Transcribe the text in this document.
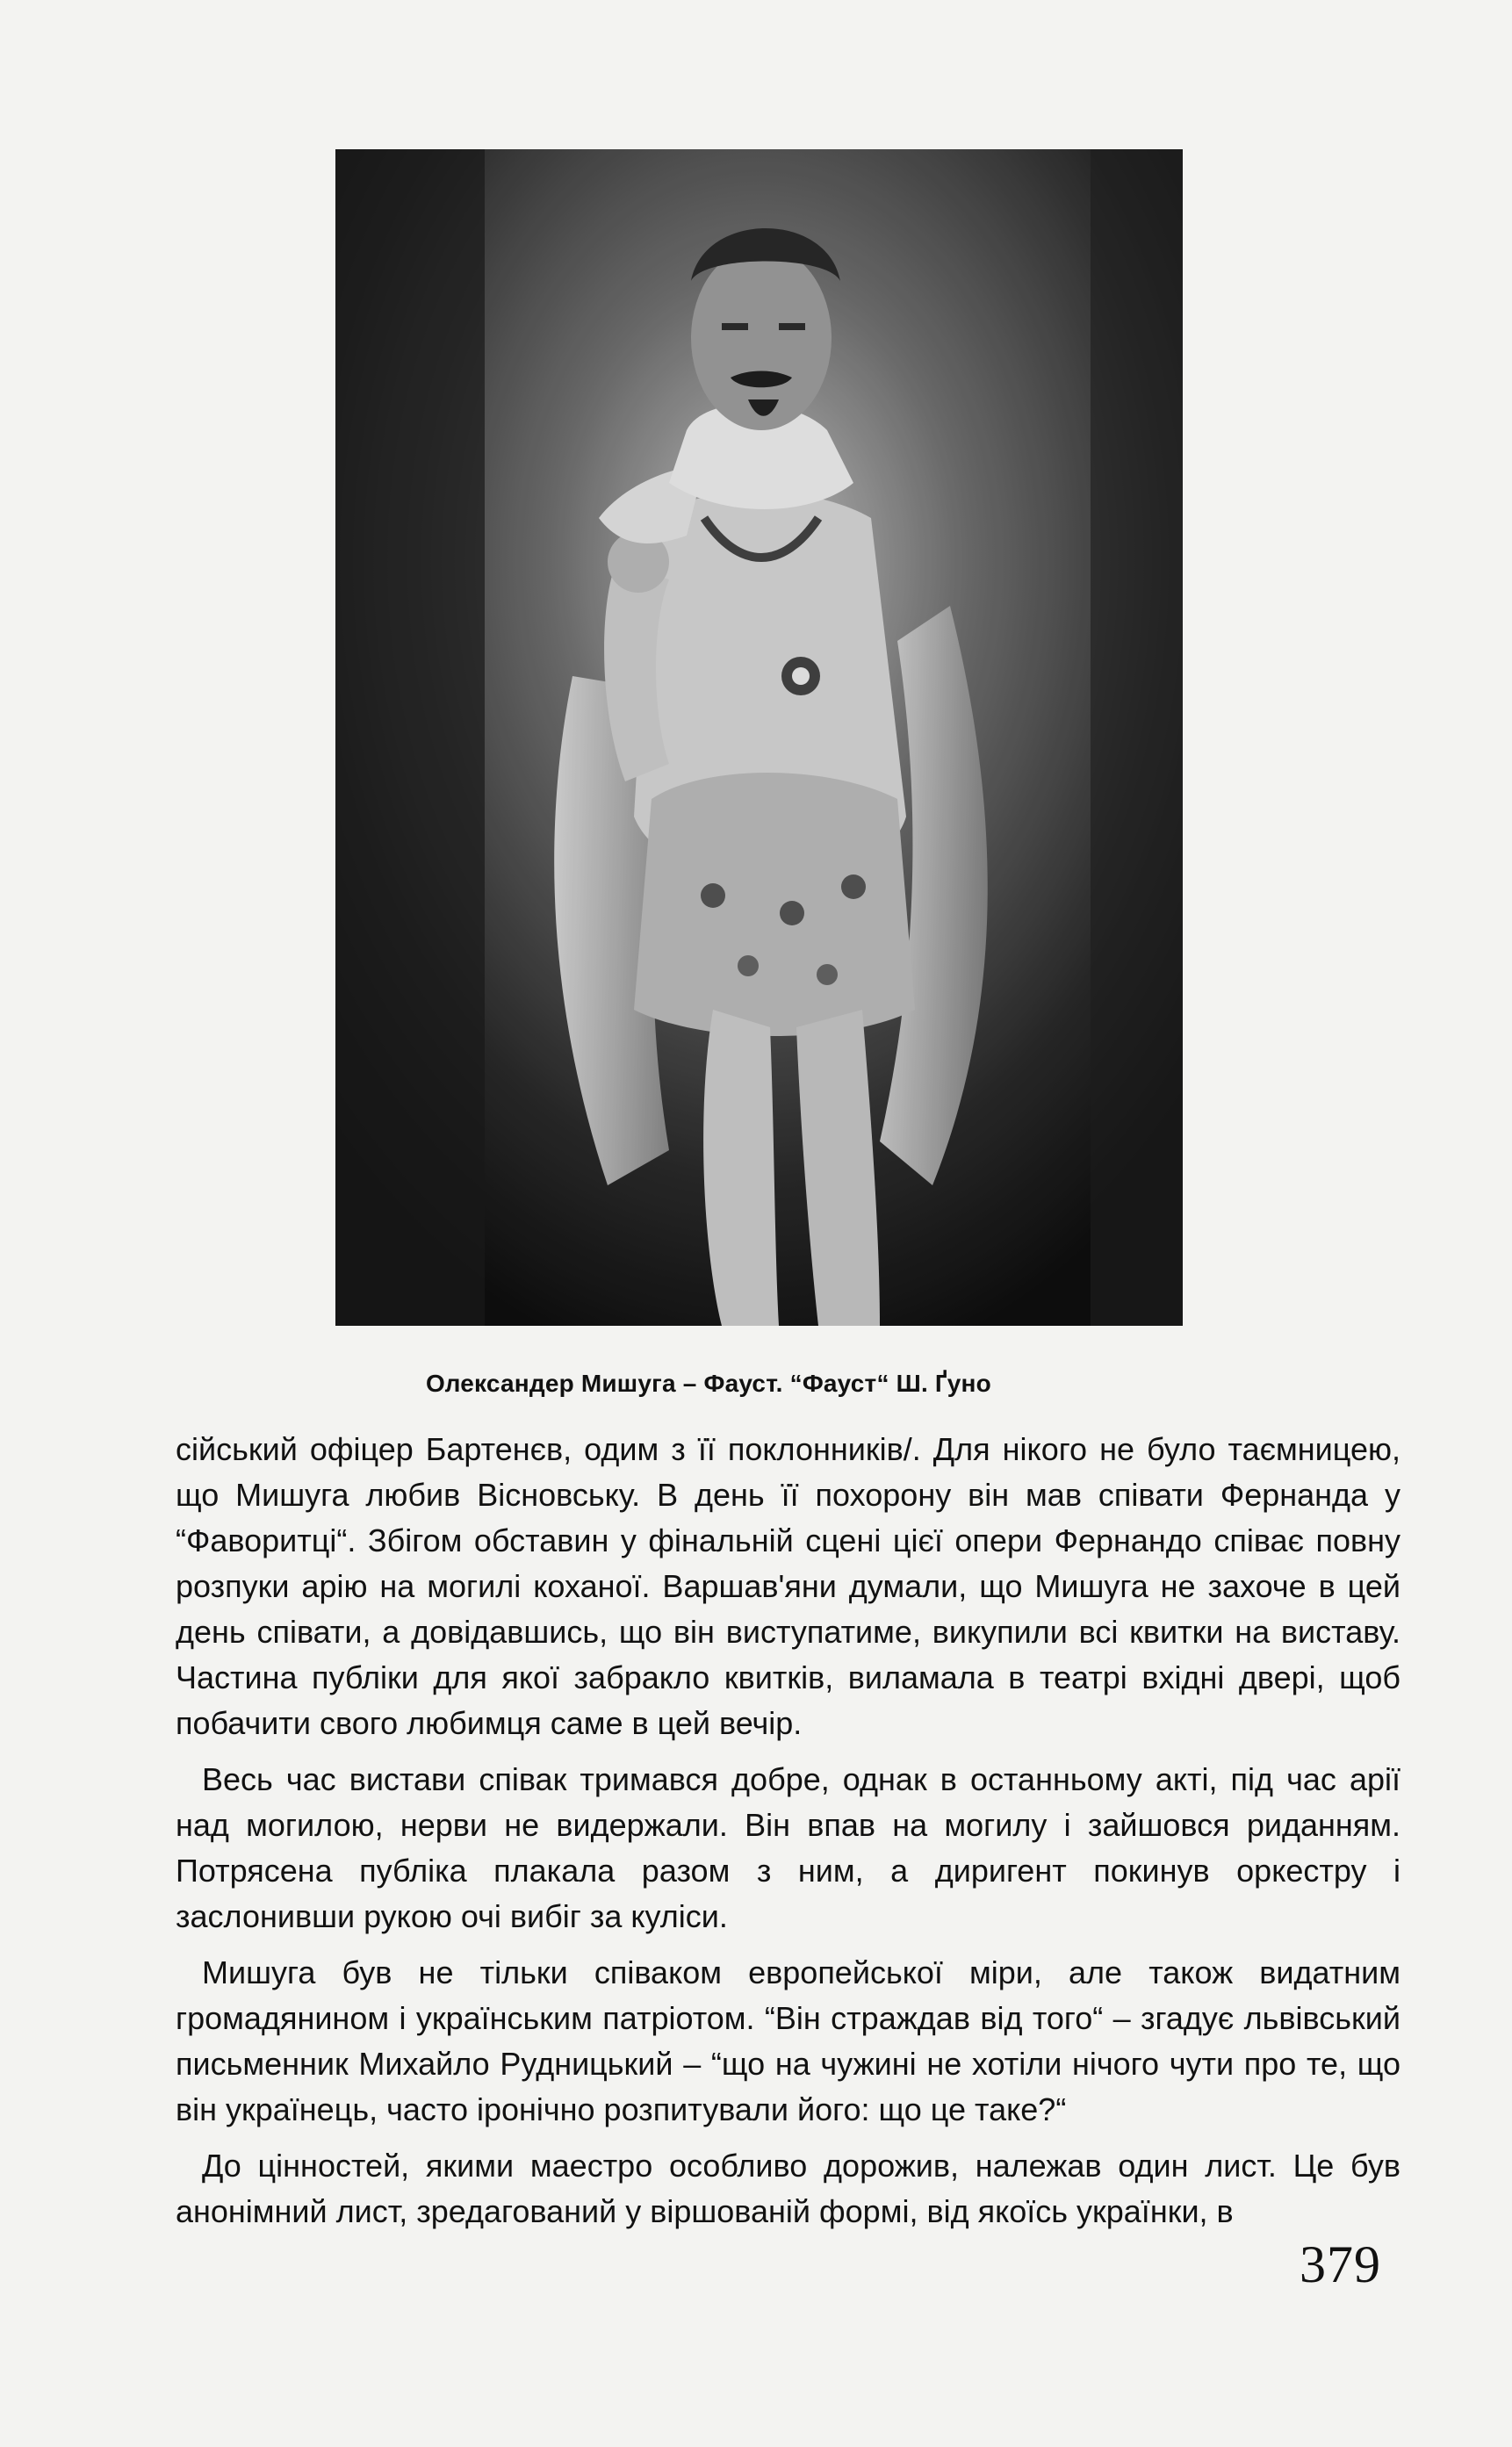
Олександер Мишуга – Фауст. “Фауст“ Ш. Ґуно

сійський офіцер Бартенєв, одим з її поклонників/. Для нікого не було таємницею, що Мишуга любив Вісновську. В день її похорону він мав співати Фернанда у “Фаворитці“. Збігом обставин у фінальній сцені цієї опери Фернандо співає повну розпуки арію на могилі коханої. Варшав'яни думали, що Мишуга не захоче в цей день співати, а довідавшись, що він виступатиме, викупили всі квитки на виставу. Частина публіки для якої забракло квитків, виламала в театрі вхідні двері, щоб побачити свого любимця саме в цей вечір.

Весь час вистави співак тримався добре, однак в останньому акті, під час арії над могилою, нерви не видержали. Він впав на могилу і зайшовся риданням. Потрясена публіка плакала разом з ним, а диригент покинув оркестру і заслонивши рукою очі вибіг за куліси.

Мишуга був не тільки співаком европейської міри, але також видатним громадянином і українським патріотом. “Він страждав від того“ – згадує львівський письменник Михайло Рудницький – “що на чужині не хотіли нічого чути про те, що він українець, часто іронічно розпитували його: що це таке?“

До цінностей, якими маестро особливо дорожив, належав один лист. Це був анонімний лист, зредагований у віршованій формі, від якоїсь українки, в

379
